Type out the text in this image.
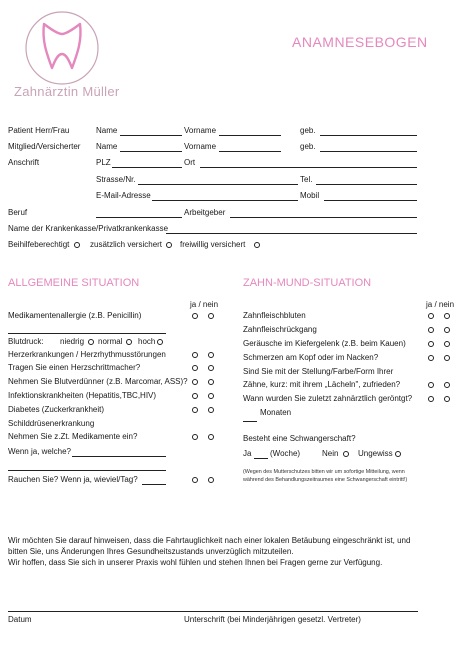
Zahnärztin Müller
ANAMNESEBOGEN
Patient Herr/Frau	Name	Vorname	geb.
Mitglied/Versicherter Name	Vorname	geb.
Anschrift	PLZ	Ort
Strasse/Nr.	Tel.
E-Mail-Adresse	Mobil
Beruf	Arbeitgeber
Name der Krankenkasse/Privatkrankenkasse
Beihilfeberechtigt	zusätzlich versichert freiwillig versichert
ALLGEMEINE SITUATION
ja / nein
Medikamentenallergie (z.B. Penicillin)
Blutdruck: niedrig normal hoch
Herzerkrankungen / Herzrhythmusstörungen
Tragen Sie einen Herzschrittmacher?
Nehmen Sie Blutverdünner (z.B. Marcomar, ASS)?
Infektionskrankheiten (Hepatitis,TBC,HIV)
Diabetes (Zuckerkrankheit)
Schilddrüsenerkrankung
Nehmen Sie z.Zt. Medikamente ein?
Wenn ja, welche?
Rauchen Sie? Wenn ja, wieviel/Tag?
ZAHN-MUND-SITUATION
ja / nein
Zahnfleischbluten
Zahnfleischrückgang
Geräusche im Kiefergelenk (z.B. beim Kauen)
Schmerzen am Kopf oder im Nacken?
Sind Sie mit der Stellung/Farbe/Form Ihrer
Zähne, kurz: mit ihrem „Lächeln", zufrieden?
Wann wurden Sie zuletzt zahnärztlich geröntgt?
Monaten
Besteht eine Schwangerschaft?
Ja (Woche)	Nein Ungewiss
(Wegen des Mutterschutzes bitten wir um sofortige Mitteilung, wenn
während des Behandlungszeitraumes eine Schwangerschaft eintritt!)
Wir möchten Sie darauf hinweisen, dass die Fahrtauglichkeit nach einer lokalen Betäubung eingeschränkt ist, und
bitten Sie, uns Änderungen Ihres Gesundheitszustands unverzüglich mitzuteilen.
Wir hoffen, dass Sie sich in unserer Praxis wohl fühlen und stehen Ihnen bei Fragen gerne zur Verfügung.
Datum	Unterschrift (bei Minderjährigen gesetzl. Vertreter)
